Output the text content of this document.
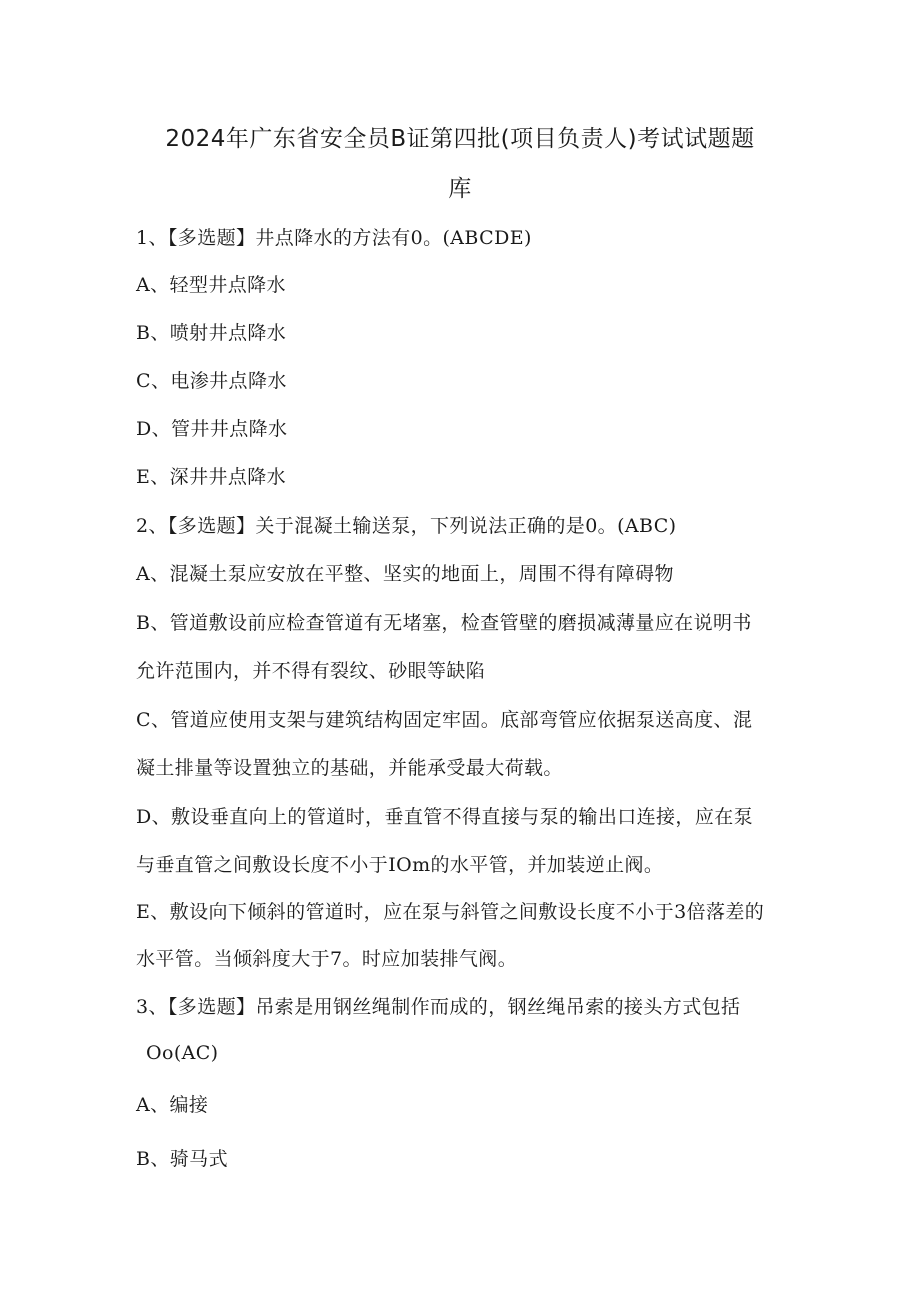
2024年广东省安全员B证第四批(项目负责人)考试试题题
库
1、【多选题】井点降水的方法有0。(ABCDE)
A、轻型井点降水
B、喷射井点降水
C、电渗井点降水
D、管井井点降水
E、深井井点降水
2、【多选题】关于混凝土输送泵，下列说法正确的是0。(ABC)
A、混凝土泵应安放在平整、坚实的地面上，周围不得有障碍物
B、管道敷设前应检查管道有无堵塞，检查管壁的磨损减薄量应在说明书
允许范围内，并不得有裂纹、砂眼等缺陷
C、管道应使用支架与建筑结构固定牢固。底部弯管应依据泵送高度、混
凝土排量等设置独立的基础，并能承受最大荷载。
D、敷设垂直向上的管道时，垂直管不得直接与泵的输出口连接，应在泵
与垂直管之间敷设长度不小于IOm的水平管，并加装逆止阀。
E、敷设向下倾斜的管道时，应在泵与斜管之间敷设长度不小于3倍落差的
水平管。当倾斜度大于7。时应加装排气阀。
3、【多选题】吊索是用钢丝绳制作而成的，钢丝绳吊索的接头方式包括
Oo(AC)
A、编接
B、骑马式
